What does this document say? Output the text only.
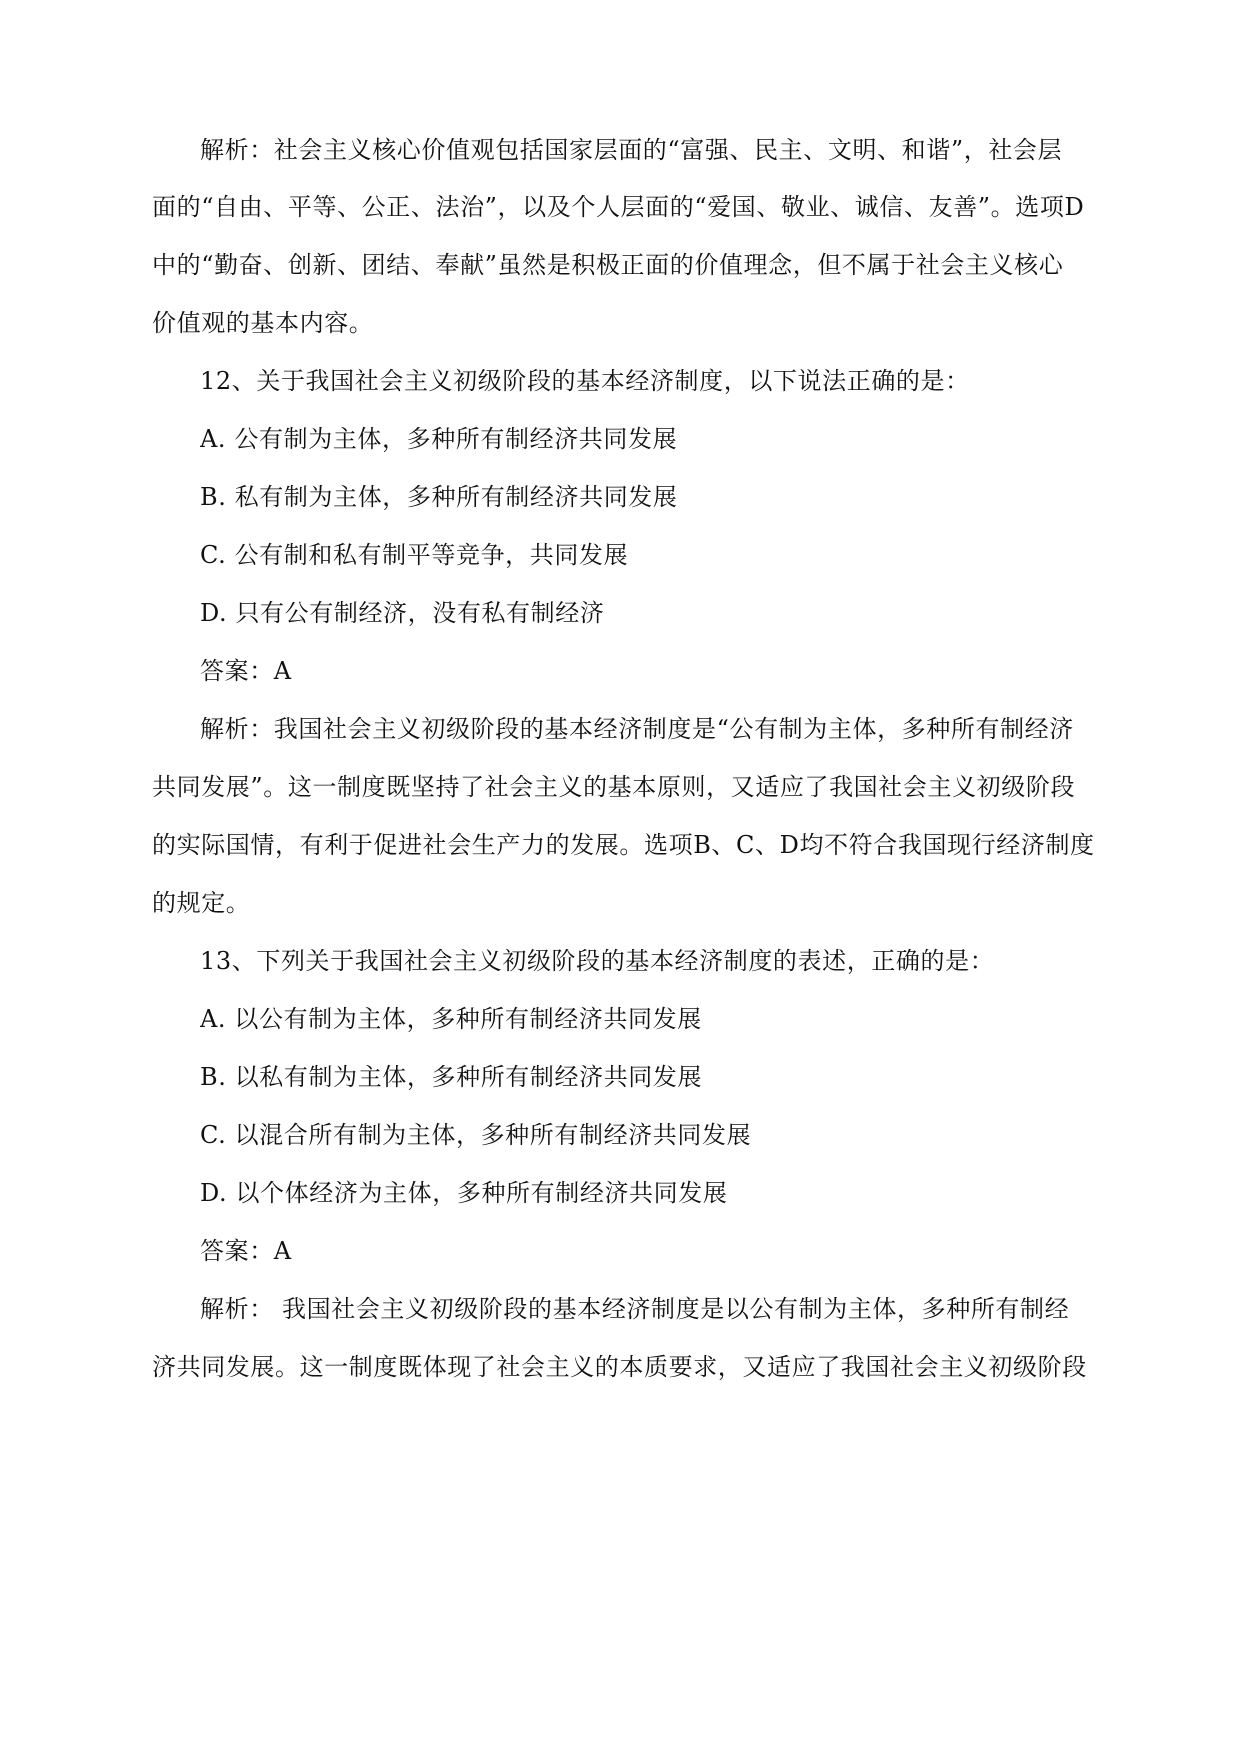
解析：社会主义核心价值观包括国家层面的“富强、民主、文明、和谐”，社会层
面的“自由、平等、公正、法治”，以及个人层面的“爱国、敬业、诚信、友善”。选项D
中的“勤奋、创新、团结、奉献”虽然是积极正面的价值理念，但不属于社会主义核心
价值观的基本内容。
12、关于我国社会主义初级阶段的基本经济制度，以下说法正确的是：
A. 公有制为主体，多种所有制经济共同发展
B. 私有制为主体，多种所有制经济共同发展
C. 公有制和私有制平等竞争，共同发展
D. 只有公有制经济，没有私有制经济
答案：A
解析：我国社会主义初级阶段的基本经济制度是“公有制为主体，多种所有制经济
共同发展”。这一制度既坚持了社会主义的基本原则，又适应了我国社会主义初级阶段
的实际国情，有利于促进社会生产力的发展。选项B、C、D均不符合我国现行经济制度
的规定。
13、下列关于我国社会主义初级阶段的基本经济制度的表述，正确的是：
A. 以公有制为主体，多种所有制经济共同发展
B. 以私有制为主体，多种所有制经济共同发展
C. 以混合所有制为主体，多种所有制经济共同发展
D. 以个体经济为主体，多种所有制经济共同发展
答案：A
解析： 我国社会主义初级阶段的基本经济制度是以公有制为主体，多种所有制经
济共同发展。这一制度既体现了社会主义的本质要求，又适应了我国社会主义初级阶段
